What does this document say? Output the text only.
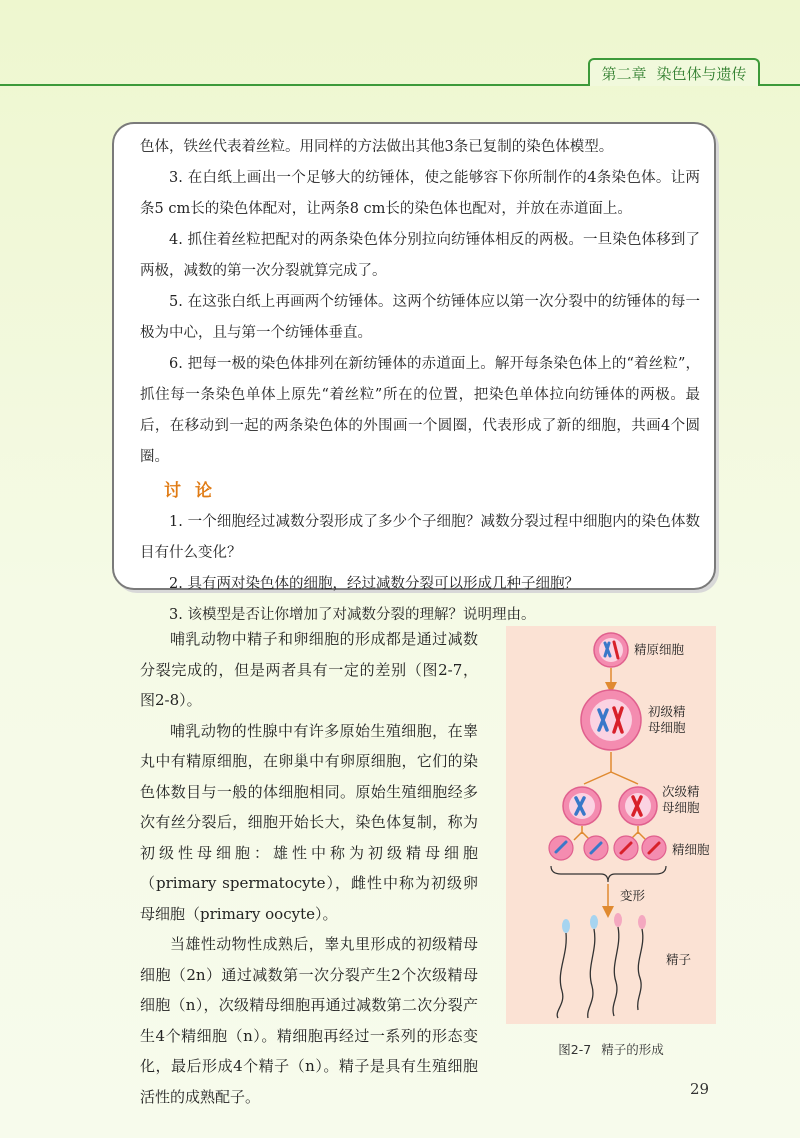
第二章 染色体与遗传

色体，铁丝代表着丝粒。用同样的方法做出其他3条已复制的染色体模型。

3. 在白纸上画出一个足够大的纺锤体，使之能够容下你所制作的4条染色体。让两条5 cm长的染色体配对，让两条8 cm长的染色体也配对，并放在赤道面上。

4. 抓住着丝粒把配对的两条染色体分别拉向纺锤体相反的两极。一旦染色体移到了两极，减数的第一次分裂就算完成了。

5. 在这张白纸上再画两个纺锤体。这两个纺锤体应以第一次分裂中的纺锤体的每一极为中心，且与第一个纺锤体垂直。

6. 把每一极的染色体排列在新纺锤体的赤道面上。解开每条染色体上的“着丝粒”，抓住每一条染色单体上原先“着丝粒”所在的位置，把染色单体拉向纺锤体的两极。最后，在移动到一起的两条染色体的外围画一个圆圈，代表形成了新的细胞，共画4个圆圈。

讨论

1. 一个细胞经过减数分裂形成了多少个子细胞？减数分裂过程中细胞内的染色体数目有什么变化？

2. 具有两对染色体的细胞，经过减数分裂可以形成几种子细胞？

3. 该模型是否让你增加了对减数分裂的理解？说明理由。

哺乳动物中精子和卵细胞的形成都是通过减数分裂完成的，但是两者具有一定的差别（图2-7，图2-8）。

哺乳动物的性腺中有许多原始生殖细胞，在睾丸中有精原细胞，在卵巢中有卵原细胞，它们的染色体数目与一般的体细胞相同。原始生殖细胞经多次有丝分裂后，细胞开始长大，染色体复制，称为初级性母细胞：雄性中称为初级精母细胞（primary spermatocyte），雌性中称为初级卵母细胞（primary oocyte）。

当雄性动物性成熟后，睾丸里形成的初级精母细胞（2n）通过减数第一次分裂产生2个次级精母细胞（n），次级精母细胞再通过减数第二次分裂产生4个精细胞（n）。精细胞再经过一系列的形态变化，最后形成4个精子（n）。精子是具有生殖细胞活性的成熟配子。

精原细胞
初级精
母细胞
次级精
母细胞
精细胞
变形
精子
图2-7 精子的形成
29
